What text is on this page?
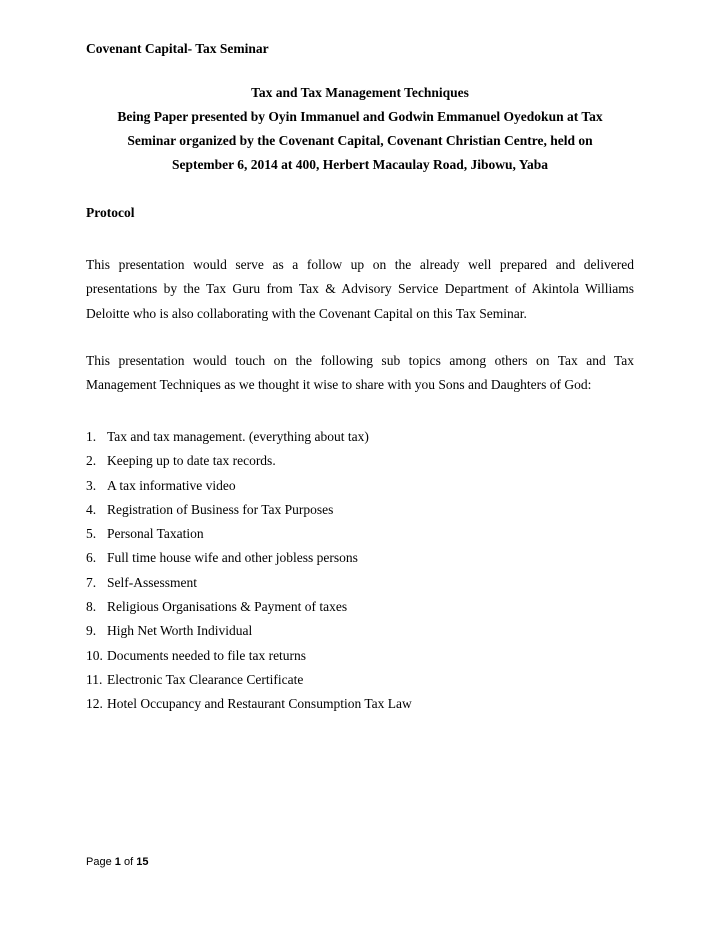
Covenant Capital- Tax Seminar
Tax and Tax Management Techniques
Being Paper presented by Oyin Immanuel and Godwin Emmanuel Oyedokun at Tax
Seminar organized by the Covenant Capital, Covenant Christian Centre, held on
September 6, 2014 at 400, Herbert Macaulay Road, Jibowu, Yaba
Protocol
This presentation would serve as a follow up on the already well prepared and delivered
presentations by the Tax Guru from Tax & Advisory Service Department of Akintola Williams
Deloitte who is also collaborating with the Covenant Capital on this Tax Seminar.
This presentation would touch on the following sub topics among others on Tax and Tax
Management Techniques as we thought it wise to share with you Sons and Daughters of God:
1. Tax and tax management. (everything about tax)
2. Keeping up to date tax records.
3. A tax informative video
4. Registration of Business for Tax Purposes
5. Personal Taxation
6. Full time house wife and other jobless persons
7. Self-Assessment
8. Religious Organisations & Payment of taxes
9. High Net Worth Individual
10. Documents needed to file tax returns
11. Electronic Tax Clearance Certificate
12. Hotel Occupancy and Restaurant Consumption Tax Law
Page 1 of 15
